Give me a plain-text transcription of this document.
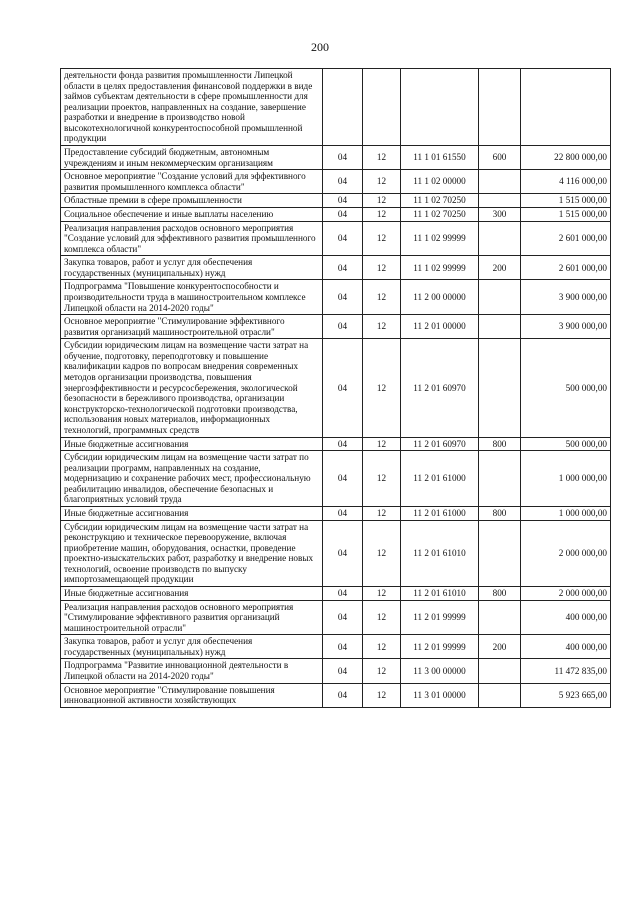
200
деятельности фонда развития промышленности Липецкой области в целях предоставления финансовой поддержки в виде займов субъектам деятельности в сфере промышленности для реализации проектов, направленных на создание, завершение разработки и внедрение в производство новой высокотехнологичной конкурентоспособной промышленной продукции					
Предоставление субсидий бюджетным, автономным учреждениям и иным некоммерческим организациям	04	12	11 1 01 61550	600	22 800 000,00
Основное мероприятие "Создание условий для эффективного развития промышленного комплекса области"	04	12	11 1 02 00000		4 116 000,00
Областные премии в сфере промышленности	04	12	11 1 02 70250		1 515 000,00
Социальное обеспечение и иные выплаты населению	04	12	11 1 02 70250	300	1 515 000,00
Реализация направления расходов основного мероприятия "Создание условий для эффективного развития промышленного комплекса области"	04	12	11 1 02 99999		2 601 000,00
Закупка товаров, работ и услуг для обеспечения государственных (муниципальных) нужд	04	12	11 1 02 99999	200	2 601 000,00
Подпрограмма "Повышение конкурентоспособности и производительности труда в машиностроительном комплексе Липецкой области на 2014-2020 годы"	04	12	11 2 00 00000		3 900 000,00
Основное мероприятие "Стимулирование эффективного развития организаций машиностроительной отрасли"	04	12	11 2 01 00000		3 900 000,00
Субсидии юридическим лицам на возмещение части затрат на обучение, подготовку, переподготовку и повышение квалификации кадров по вопросам внедрения современных методов организации производства, повышения энергоэффективности и ресурсосбережения, экологической безопасности в бережливого производства, организации конструкторско-технологической подготовки производства, использования новых материалов, информационных технологий, программных средств	04	12	11 2 01 60970		500 000,00
Иные бюджетные ассигнования	04	12	11 2 01 60970	800	500 000,00
Субсидии юридическим лицам на возмещение части затрат по реализации программ, направленных на создание, модернизацию и сохранение рабочих мест, профессиональную реабилитацию инвалидов, обеспечение безопасных и благоприятных условий труда	04	12	11 2 01 61000		1 000 000,00
Иные бюджетные ассигнования	04	12	11 2 01 61000	800	1 000 000,00
Субсидии юридическим лицам на возмещение части затрат на реконструкцию и техническое перевооружение, включая приобретение машин, оборудования, оснастки, проведение проектно-изыскательских работ, разработку и внедрение новых технологий, освоение производств по выпуску импортозамещающей продукции	04	12	11 2 01 61010		2 000 000,00
Иные бюджетные ассигнования	04	12	11 2 01 61010	800	2 000 000,00
Реализация направления расходов основного мероприятия "Стимулирование эффективного развития организаций машиностроительной отрасли"	04	12	11 2 01 99999		400 000,00
Закупка товаров, работ и услуг для обеспечения государственных (муниципальных) нужд	04	12	11 2 01 99999	200	400 000,00
Подпрограмма "Развитие инновационной деятельности в Липецкой области на 2014-2020 годы"	04	12	11 3 00 00000		11 472 835,00
Основное мероприятие "Стимулирование повышения инновационной активности хозяйствующих	04	12	11 3 01 00000		5 923 665,00
